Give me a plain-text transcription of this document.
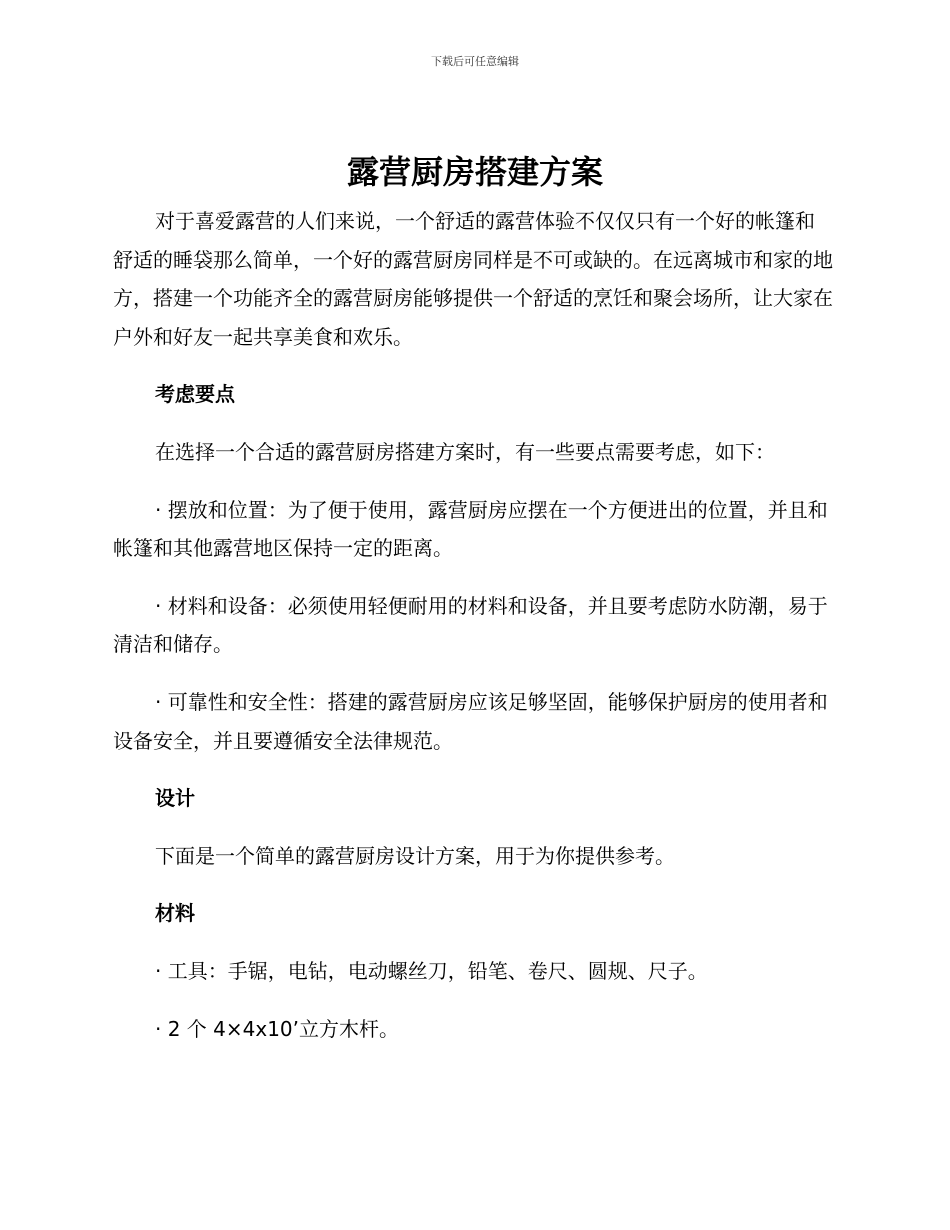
下载后可任意编辑
露营厨房搭建方案

对于喜爱露营的人们来说，一个舒适的露营体验不仅仅只有一个好的帐篷和舒适的睡袋那么简单，一个好的露营厨房同样是不可或缺的。在远离城市和家的地方，搭建一个功能齐全的露营厨房能够提供一个舒适的烹饪和聚会场所，让大家在户外和好友一起共享美食和欢乐。

考虑要点

在选择一个合适的露营厨房搭建方案时，有一些要点需要考虑，如下：

· 摆放和位置：为了便于使用，露营厨房应摆在一个方便进出的位置，并且和帐篷和其他露营地区保持一定的距离。

· 材料和设备：必须使用轻便耐用的材料和设备，并且要考虑防水防潮，易于清洁和储存。

· 可靠性和安全性：搭建的露营厨房应该足够坚固，能够保护厨房的使用者和设备安全，并且要遵循安全法律规范。

设计

下面是一个简单的露营厨房设计方案，用于为你提供参考。

材料

· 工具：手锯，电钻，电动螺丝刀，铅笔、卷尺、圆规、尺子。

· 2 个 4×4x10’立方木杆。
